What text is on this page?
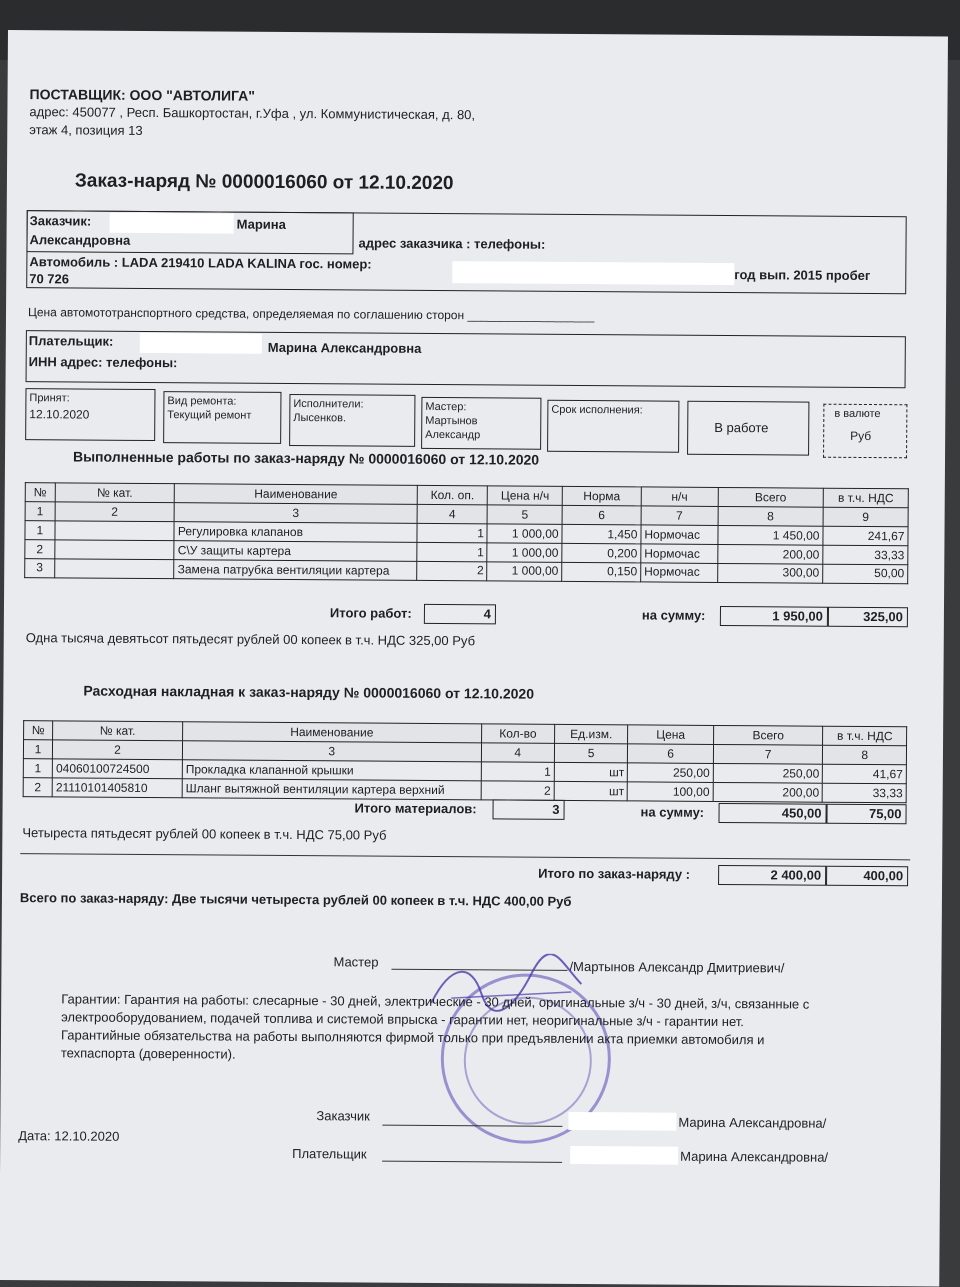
ПОСТАВЩИК: ООО "АВТОЛИГА"
адрес: 450077 , Респ. Башкортостан, г.Уфа , ул. Коммунистическая, д. 80,
этаж 4, позиция 13
Заказ-наряд № 0000016060 от 12.10.2020
Заказчик:	Марина
Александровна	адрес заказчика : телефоны:
Автомобиль : LADA 219410 LADA KALINA гос. номер:
год вып. 2015 пробег
70 726
Цена автомототранспортного средства, определяемая по соглашению сторон ___________________
Плательщик:	Марина Александровна
ИНН адрес: телефоны:
Принят:
12.10.2020
Вид ремонта:
Текущий ремонт
Исполнители:
Лысенков.
Мастер:
Мартынов
Александр
Срок исполнения:
В работе
в валюте
Руб
Выполненные работы по заказ-наряду № 0000016060 от 12.10.2020
№	№ кат.	Наименование	Кол. оп.	Цена н/ч	Норма	н/ч	Всего	в т.ч. НДС
1	2	3	4	5	6	7	8	9
1		Регулировка клапанов	1	1 000,00	1,450	Нормочас	1 450,00	241,67
2		С\У защиты картера	1	1 000,00	0,200	Нормочас	200,00	33,33
3		Замена патрубка вентиляции картера	2	1 000,00	0,150	Нормочас	300,00	50,00
Итого работ:	4	на сумму:	1 950,00	325,00
Одна тысяча девятьсот пятьдесят рублей 00 копеек в т.ч. НДС 325,00 Руб
Расходная накладная к заказ-наряду № 0000016060 от 12.10.2020
№	№ кат.	Наименование	Кол-во	Ед.изм.	Цена	Всего	в т.ч. НДС
1	2	3	4	5	6	7	8
1	04060100724500	Прокладка клапанной крышки	1	шт	250,00	250,00	41,67
2	21110101405810	Шланг вытяжной вентиляции картера верхний	2	шт	100,00	200,00	33,33
Итого материалов:	3	на сумму:	450,00	75,00
Четыреста пятьдесят рублей 00 копеек в т.ч. НДС 75,00 Руб
Итого по заказ-наряду :	2 400,00	400,00
Всего по заказ-наряду: Две тысячи четыреста рублей 00 копеек в т.ч. НДС 400,00 Руб
Мастер	/Мартынов Александр Дмитриевич/
Гарантии: Гарантия на работы: слесарные - 30 дней, электрические - 30 дней, оригинальные з/ч - 30 дней, з/ч, связанные с электрооборудованием, подачей топлива и системой впрыска - гарантии нет, неоригинальные з/ч - гарантии нет. Гарантийные обязательства на работы выполняются фирмой только при предъявлении акта приемки автомобиля и техпаспорта (доверенности).
Заказчик	Марина Александровна/
Дата: 12.10.2020
Плательщик	Марина Александровна/
